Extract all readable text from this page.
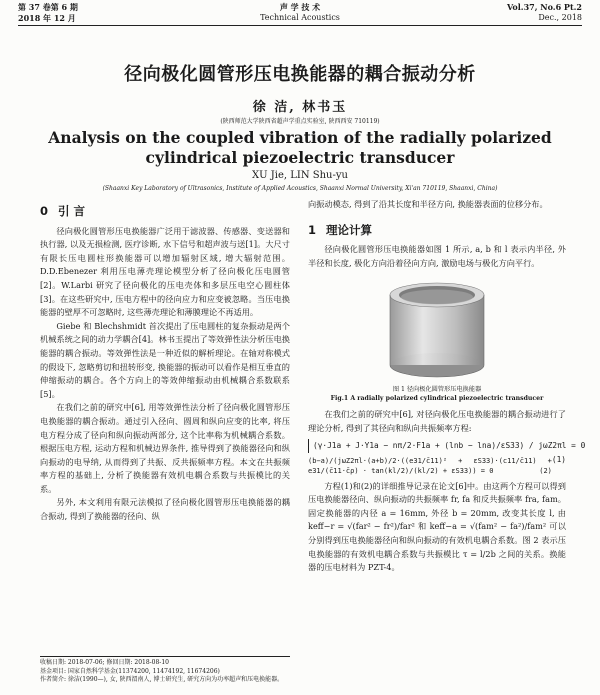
第 37 卷第 6 期
2018 年 12 月
声 学 技 术
Technical Acoustics
Vol.37, No.6 Pt.2
Dec., 2018
径向极化圆管形压电换能器的耦合振动分析
徐 洁, 林书玉
(陕西师范大学陕西省超声学重点实验室, 陕西西安 710119)
Analysis on the coupled vibration of the radially polarized
cylindrical piezoelectric transducer
XU Jie, LIN Shu-yu
(Shaanxi Key Laboratory of Ultrasonics, Institute of Applied Acoustics, Shaanxi Normal University, Xi'an 710119, Shaanxi, China)
0 引 言

径向极化圆管形压电换能器广泛用于滤波器、传感器、变送器和执行器, 以及无损检测, 医疗诊断, 水下信号和超声波与送[1]。大尺寸有限长压电圆柱形换能器可以增加辐射区域, 增大辐射范围。D.D.Ebenezer 利用压电薄壳理论模型分析了径向极化压电圆管[2]。W.Larbi 研究了径向极化的压电壳体和多层压电空心圆柱体[3]。在这些研究中, 压电方程中的径向应力和应变被忽略。当压电换能器的壁厚不可忽略时, 这些薄壳理论和薄膜理论不再适用。

Giebe 和 Blechshmidt 首次提出了压电圆柱的复杂振动是两个机械系统之间的动力学耦合[4]。林书玉提出了等效弹性法分析压电换能器的耦合振动。等效弹性法是一种近似的解析理论。在轴对称模式的假设下, 忽略剪切和扭转形变, 换能器的振动可以看作是相互垂直的伸缩振动的耦合。各个方向上的等效伸缩振动由机械耦合系数联系[5]。

在我们之前的研究中[6], 用等效弹性法分析了径向极化圆管形压电换能器的耦合振动。通过引入径向、圆周和纵向应变的比率, 将压电方程分成了径向和纵向振动两部分, 这个比率称为机械耦合系数。根据压电方程, 运动方程和机械边界条件, 推导得到了换能器径向和纵向振动的电导纳, 从而得到了共振、反共振频率方程。本文在共振频率方程的基础上, 分析了换能器有效机电耦合系数与共振模比的关系。

另外, 本文利用有限元法模拟了径向极化圆管形压电换能器的耦合振动, 得到了换能器的径向、纵

向振动模态, 得到了沿其长度和半径方向, 换能器表面的位移分布。

1 理论计算

径向极化圆管形压电换能器如图 1 所示, a, b 和 l 表示内半径, 外半径和长度, 极化方向沿着径向方向, 激励电场与极化方向平行。

图 1 径向极化圆管形压电换能器

Fig.1 A radially polarized cylindrical piezoelectric transducer

在我们之前的研究中[6], 对径向极化压电换能器的耦合振动进行了理论分析, 得到了其径向和纵向共振频率方程:

(γ·J1a + J·Y1a − nπ/2·F1a + (lnb − lna)/εS33) / jωZ2πl = 0
(1)

(b−a)/(jωZ2πl·(a+b)/2·((e31/c̄11)² + εS33)·(c11/c̄11) + e31/(c̄11·c̄ρ) · tan(kl/2)/(kl/2) + εS33)) = 0	(2)

方程(1)和(2)的详细推导记录在论文[6]中。由这两个方程可以得到压电换能器径向、纵向振动的共振频率 fr, fa 和反共振频率 fra, fam。固定换能器的内径 a = 16mm, 外径 b = 20mm, 改变其长度 l, 由 keff−r = √(far² − fr²)/far² 和 keff−a = √(fam² − fa²)/fam² 可以分别得到压电换能器径向和纵向振动的有效机电耦合系数。图 2 表示压电换能器的有效机电耦合系数与共振模比 τ = l/2b 之间的关系。换能器的压电材料为 PZT-4。

收稿日期: 2018-07-06; 修回日期: 2018-08-10
基金项目: 国家自然科学基金(11374200, 11474192, 11674206)
作者简介: 徐洁(1990—), 女, 陕西渭南人, 博士研究生, 研究方向为功率超声和压电换能器。
